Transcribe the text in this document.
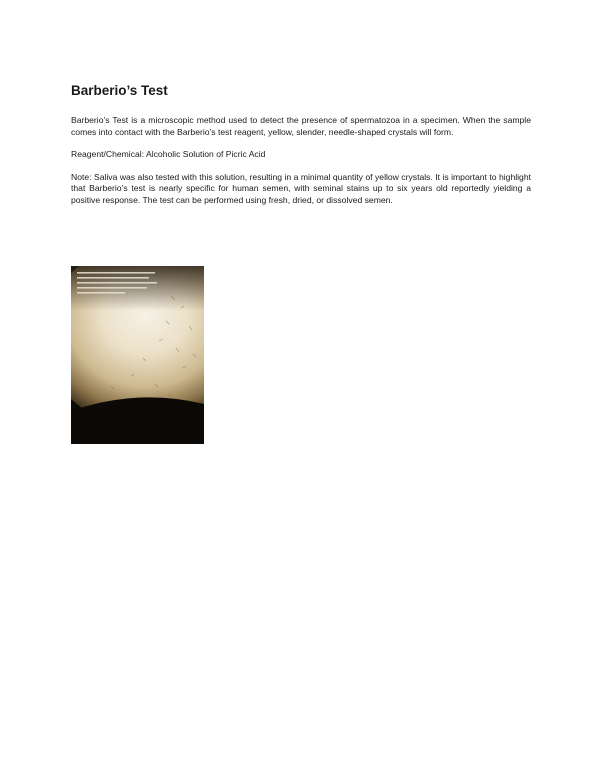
Barberio’s Test

Barberio’s Test is a microscopic method used to detect the presence of spermatozoa in a specimen. When the sample comes into contact with the Barberio’s test reagent, yellow, slender, needle-shaped crystals will form.

Reagent/Chemical: Alcoholic Solution of Picric Acid

Note: Saliva was also tested with this solution, resulting in a minimal quantity of yellow crystals. It is important to highlight that Barberio’s test is nearly specific for human semen, with seminal stains up to six years old reportedly yielding a positive response. The test can be performed using fresh, dried, or dissolved semen.
